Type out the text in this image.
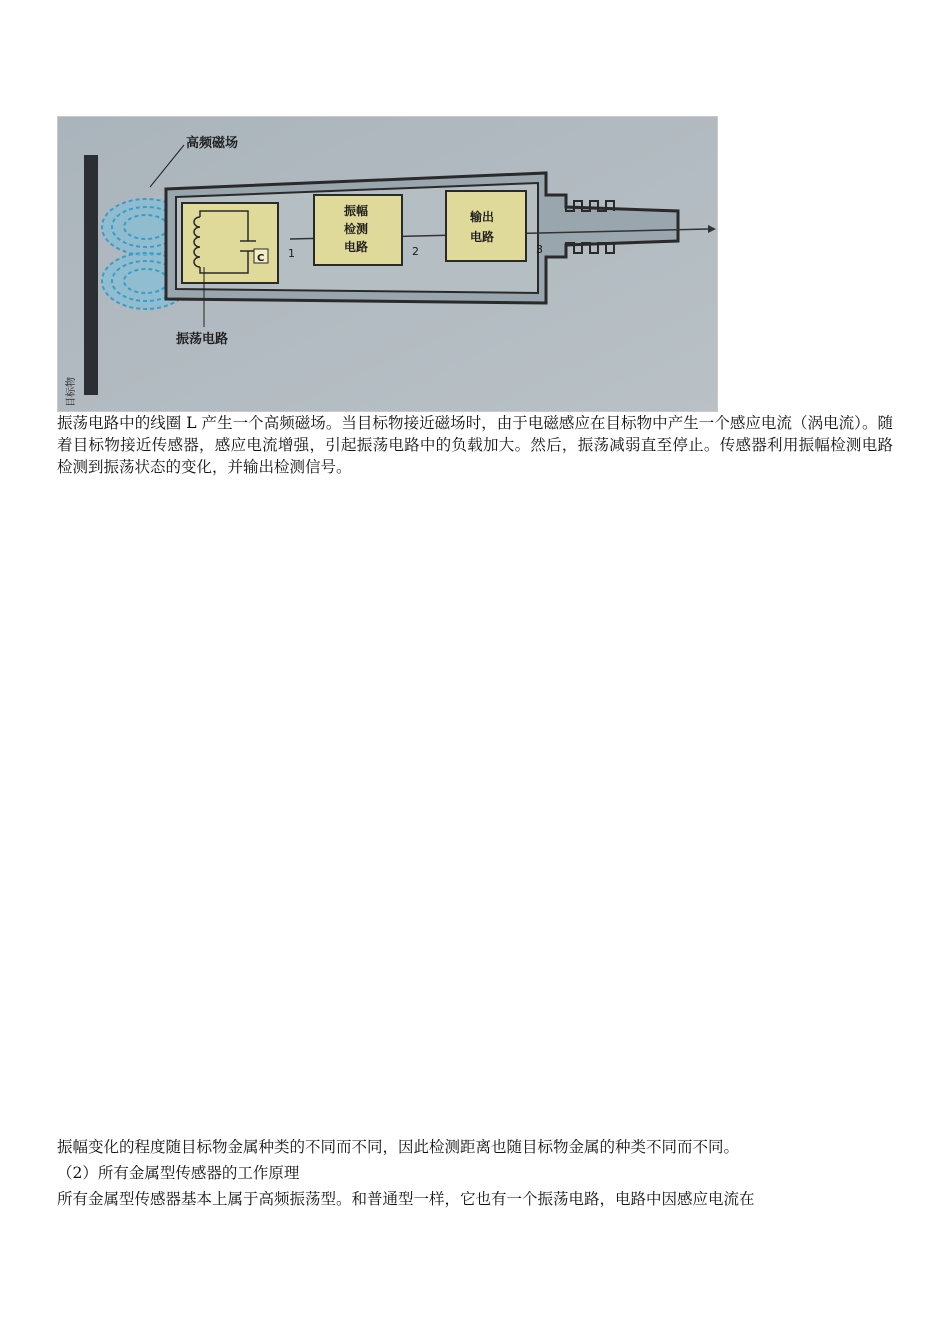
目标物
高频磁场
C 1
振幅
检测
电路	2
输出
电路
3
振荡电路

振荡电路中的线圈 L 产生一个高频磁场。当目标物接近磁场时，由于电磁感应在目标物中产生一个感应电流（涡电流）。随着目标物接近传感器，感应电流增强，引起振荡电路中的负载加大。然后，振荡减弱直至停止。传感器利用振幅检测电路检测到振荡状态的变化，并输出检测信号。

振幅变化的程度随目标物金属种类的不同而不同，因此检测距离也随目标物金属的种类不同而不同。

（2）所有金属型传感器的工作原理

所有金属型传感器基本上属于高频振荡型。和普通型一样，它也有一个振荡电路，电路中因感应电流在
